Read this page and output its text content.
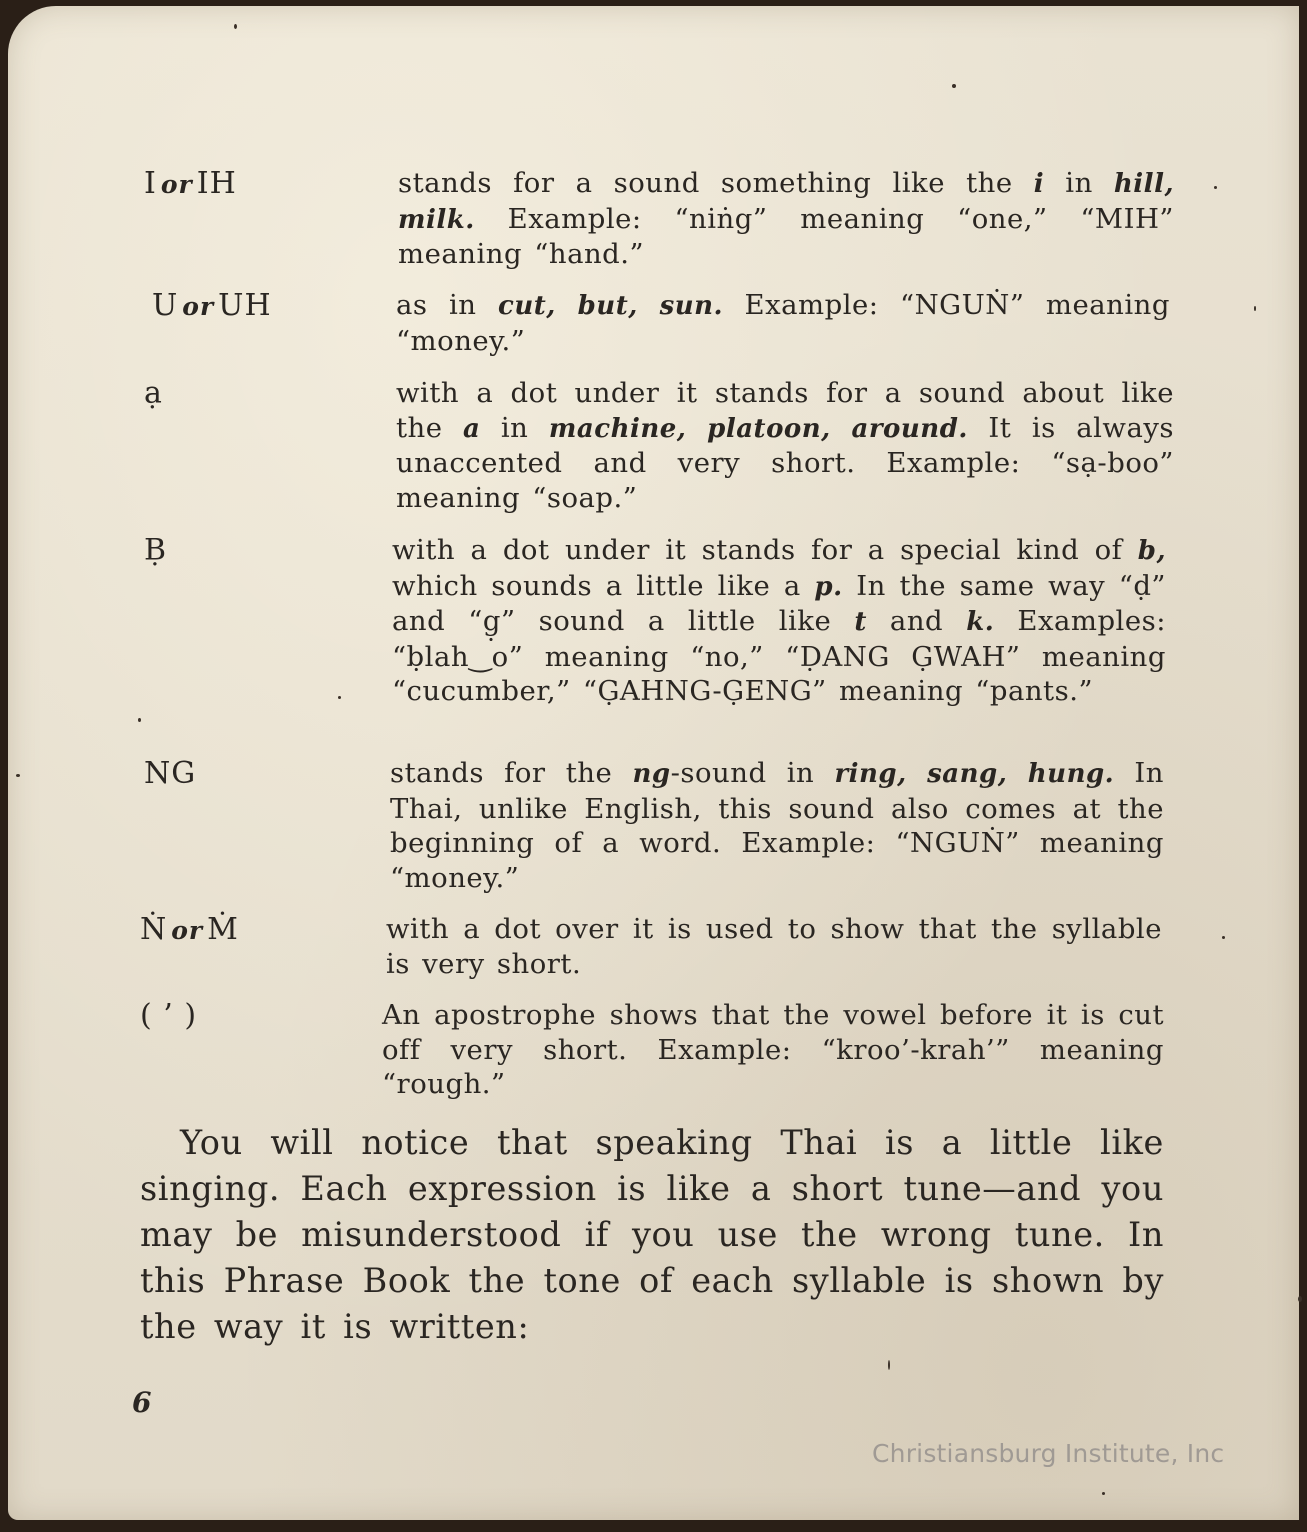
I or IH	stands for a sound something like the i in hill, milk. Example: “niṅg” meaning “one,” “MIH” meaning “hand.”

U or UH	as in cut, but, sun. Example: “NGUṄ” meaning “money.”

ạ	with a dot under it stands for a sound about like the a in machine, platoon, around. It is always unaccented and very short. Example: “sạ-boo” meaning “soap.”

Ḅ	with a dot under it stands for a special kind of b, which sounds a little like a p. In the same way “ḍ” and “g̣” sound a little like t and k. Examples: “ḅlah‿o” meaning “no,” “ḌANG G̣WAH” meaning “cucumber,” “G̣AHNG-G̣ENG” meaning “pants.”

NG	stands for the ng-sound in ring, sang, hung. In Thai, unlike English, this sound also comes at the beginning of a word. Example: “NGUṄ” meaning “money.”

Ṅ or Ṁ	with a dot over it is used to show that the syllable is very short.

( ’ )	An apostrophe shows that the vowel before it is cut off very short. Example: “kroo’-krah’” meaning “rough.”

You will notice that speaking Thai is a little like singing. Each expression is like a short tune—and you may be misunderstood if you use the wrong tune. In this Phrase Book the tone of each syllable is shown by the way it is written:
6
Christiansburg Institute, Inc
